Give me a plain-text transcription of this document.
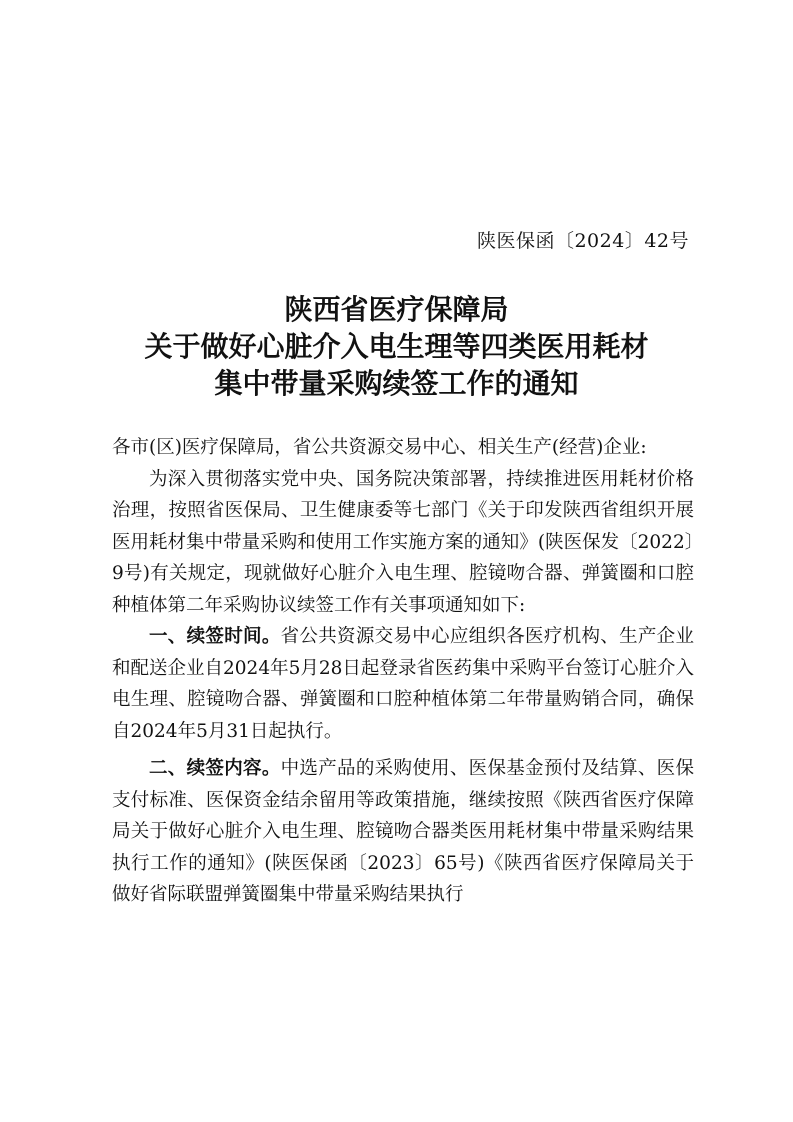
陕医保函〔2024〕42号
陕西省医疗保障局
关于做好心脏介入电生理等四类医用耗材
集中带量采购续签工作的通知

各市(区)医疗保障局，省公共资源交易中心、相关生产(经营)企业:

为深入贯彻落实党中央、国务院决策部署，持续推进医用耗材价格治理，按照省医保局、卫生健康委等七部门《关于印发陕西省组织开展医用耗材集中带量采购和使用工作实施方案的通知》(陕医保发〔2022〕9号)有关规定，现就做好心脏介入电生理、腔镜吻合器、弹簧圈和口腔种植体第二年采购协议续签工作有关事项通知如下:

一、续签时间。省公共资源交易中心应组织各医疗机构、生产企业和配送企业自2024年5月28日起登录省医药集中采购平台签订心脏介入电生理、腔镜吻合器、弹簧圈和口腔种植体第二年带量购销合同，确保自2024年5月31日起执行。

二、续签内容。中选产品的采购使用、医保基金预付及结算、医保支付标准、医保资金结余留用等政策措施，继续按照《陕西省医疗保障局关于做好心脏介入电生理、腔镜吻合器类医用耗材集中带量采购结果执行工作的通知》(陕医保函〔2023〕65号)《陕西省医疗保障局关于做好省际联盟弹簧圈集中带量采购结果执行
